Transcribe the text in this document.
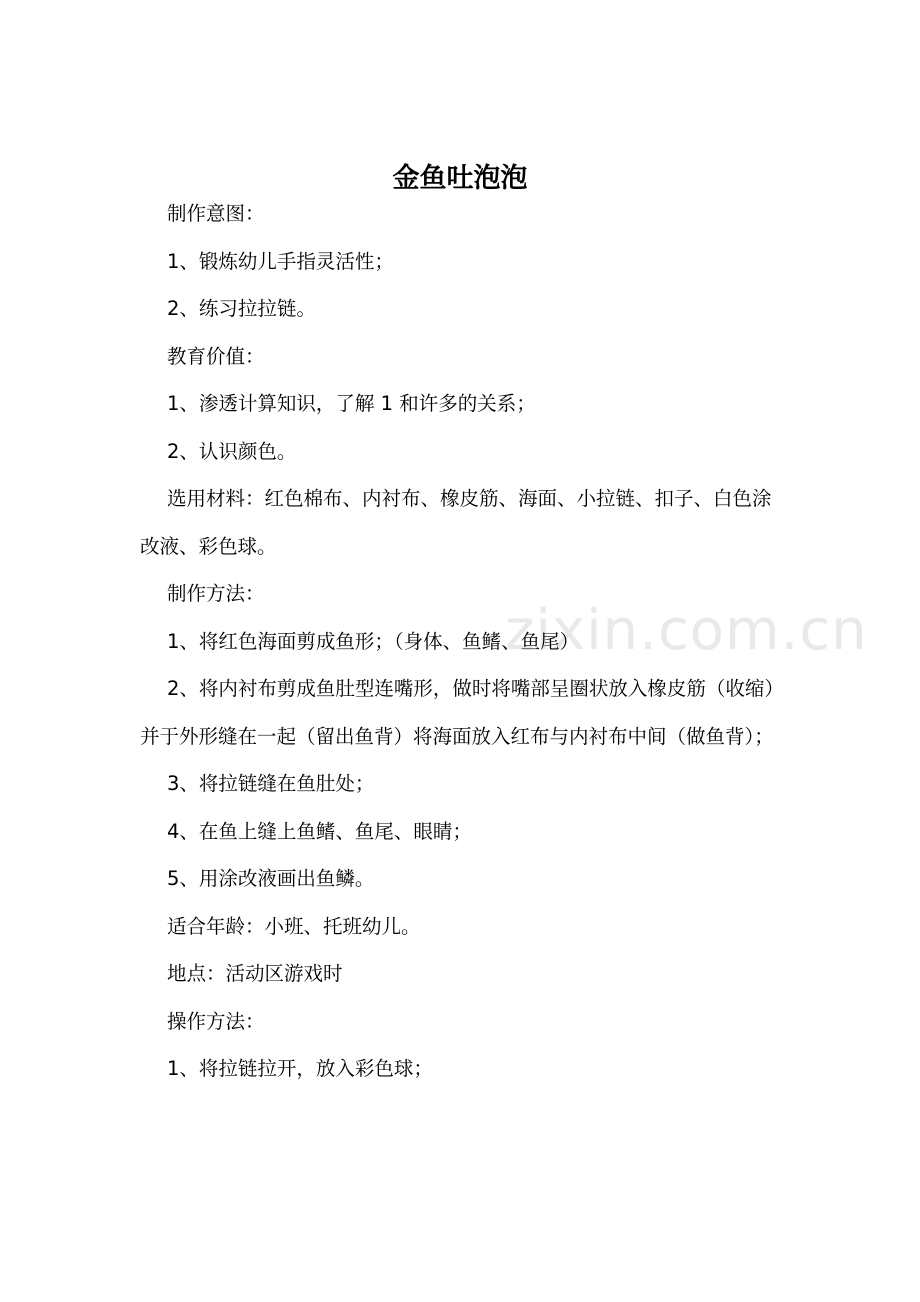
zixin.com.cn
金鱼吐泡泡

制作意图：

1、锻炼幼儿手指灵活性；

2、练习拉拉链。

教育价值：

1、渗透计算知识，了解 1 和许多的关系；

2、认识颜色。

选用材料：红色棉布、内衬布、橡皮筋、海面、小拉链、扣子、白色涂改液、彩色球。

制作方法：

1、将红色海面剪成鱼形；（身体、鱼鳍、鱼尾）

2、将内衬布剪成鱼肚型连嘴形，做时将嘴部呈圈状放入橡皮筋（收缩）并于外形缝在一起（留出鱼背）将海面放入红布与内衬布中间（做鱼背）；

3、将拉链缝在鱼肚处；

4、在鱼上缝上鱼鳍、鱼尾、眼睛；

5、用涂改液画出鱼鳞。

适合年龄：小班、托班幼儿。

地点：活动区游戏时

操作方法：

1、将拉链拉开，放入彩色球；
